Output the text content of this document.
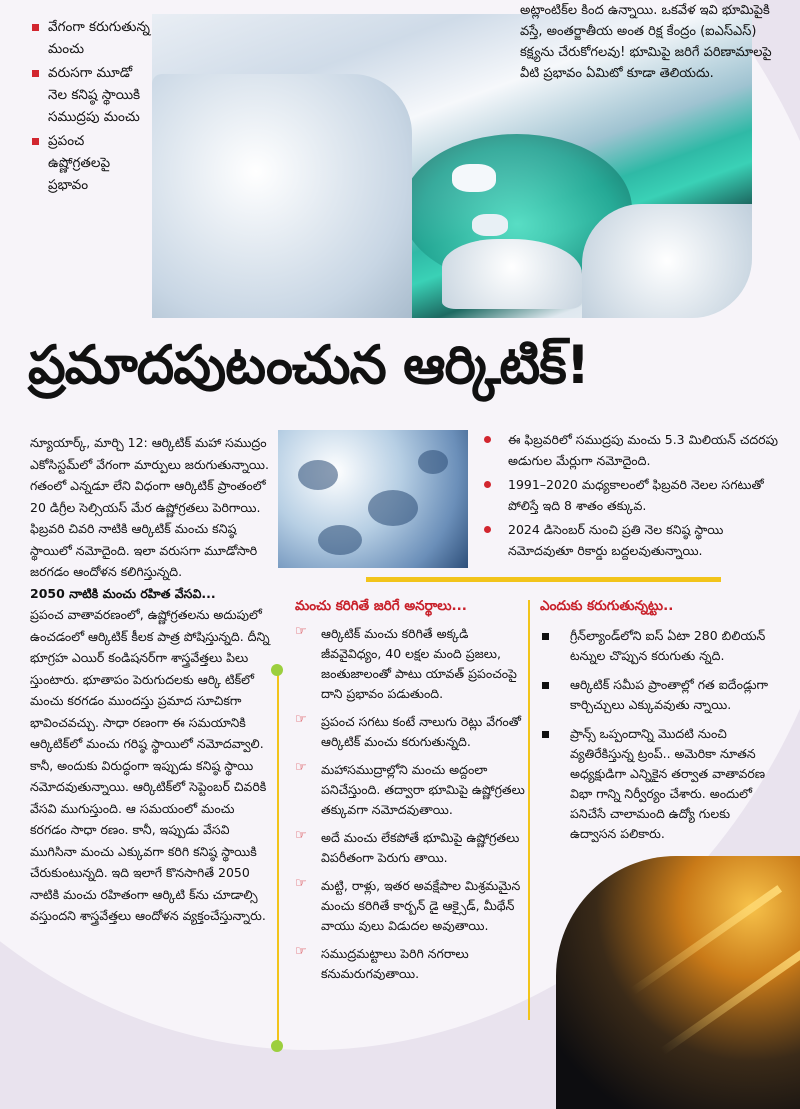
వేగంగా కరుగుతున్న మంచు
వరుసగా మూడో నెల కనిష్ఠ స్థాయికి సముద్రపు మంచు
ప్రపంచ ఉష్ణోగ్రతలపై ప్రభావం

అట్లాంటిక్‌ల కింద ఉన్నాయి. ఒకవేళ ఇవి భూమిపైకి వస్తే, అంతర్జాతీయ అంత రిక్ష కేంద్రం (ఐఎస్ఎస్) కక్ష్యను చేరుకోగలవు! భూమిపై జరిగే పరిణామాలపై వీటి ప్రభావం ఏమిటో కూడా తెలియదు.

ప్రమాదపుటంచున ఆర్కిటిక్!

న్యూయార్క్, మార్చి 12: ఆర్కిటిక్ మహా సముద్రం ఎకోసిస్టమ్‌లో వేగంగా మార్పులు జరుగుతున్నాయి. గతంలో ఎన్నడూ లేని విధంగా ఆర్కిటిక్ ప్రాంతంలో 20 డిగ్రీల సెల్సియస్ మేర ఉష్ణోగ్రతలు పెరిగాయి. ఫిబ్రవరి చివరి నాటికి ఆర్కిటిక్ మంచు కనిష్ఠ స్థాయిలో నమోదైంది. ఇలా వరుసగా మూడోసారి జరగడం ఆందోళన కలిగిస్తున్నది.

2050 నాటికి మంచు రహిత వేసవి...

ప్రపంచ వాతావరణంలో, ఉష్ణోగ్రతలను అదుపులో ఉంచడంలో ఆర్కిటిక్ కీలక పాత్ర పోషిస్తున్నది. దీన్ని భూగ్రహ ఎయిర్ కండిషనర్‌గా శాస్త్రవేత్తలు పిలు స్తుంటారు. భూతాపం పెరుగుదలకు ఆర్కి టిక్‌లో మంచు కరగడం ముందస్తు ప్రమాద సూచికగా భావించవచ్చు. సాధా రణంగా ఈ సమయానికి ఆర్కిటిక్‌లో మంచు గరిష్ఠ స్థాయిలో నమోదవ్వాలి. కానీ, అందుకు విరుద్ధంగా ఇప్పుడు కనిష్ఠ స్థాయి నమోదవుతున్నాయి. ఆర్కిటిక్‌లో సెప్టెంబర్ చివరికి వేసవి ముగుస్తుంది. ఆ సమయంలో మంచు కరగడం సాధా రణం. కానీ, ఇప్పుడు వేసవి ముగిసినా మంచు ఎక్కువగా కరిగి కనిష్ఠ స్థాయికి చేరుకుంటున్నది. ఇది ఇలాగే కొనసాగితే 2050 నాటికి మంచు రహితంగా ఆర్కిటి క్‌ను చూడాల్సి వస్తుందని శాస్త్రవేత్తలు ఆందోళన వ్యక్తంచేస్తున్నారు.

ఈ ఫిబ్రవరిలో సముద్రపు మంచు 5.3 మిలియన్ చదరపు అడుగుల మేర్లుగా నమోదైంది.
1991–2020 మధ్యకాలంలో ఫిబ్రవరి నెలల సగటుతో పోలిస్తే ఇది 8 శాతం తక్కువ.
2024 డిసెంబర్ నుంచి ప్రతి నెల కనిష్ఠ స్థాయి నమోదవుతూ రికార్డు బద్దలవుతున్నాయి.
మంచు కరిగితే జరిగే అనర్థాలు...
☞	ఆర్కిటిక్ మంచు కరిగితే అక్కడి జీవవైవిధ్యం, 40 లక్షల మంది ప్రజలు, జంతుజాలంతో పాటు యావత్ ప్రపంచంపై దాని ప్రభావం పడుతుంది.
☞	ప్రపంచ సగటు కంటే నాలుగు రెట్లు వేగంతో ఆర్కిటిక్ మంచు కరుగుతున్నది.
☞	మహాసముద్రాల్లోని మంచు అద్దంలా పనిచేస్తుంది. తద్వారా భూమిపై ఉష్ణోగ్రతలు తక్కువగా నమోదవుతాయి.
☞	అదే మంచు లేకపోతే భూమిపై ఉష్ణోగ్రతలు విపరీతంగా పెరుగు తాయి.
☞	మట్టి, రాళ్లు, ఇతర అవక్షేపాల మిశ్రమమైన మంచు కరిగితే కార్బన్ డై ఆక్సైడ్, మీథేన్ వాయు వులు విడుదల అవుతాయి.
☞	సముద్రమట్టాలు పెరిగి నగరాలు కనుమరుగవుతాయి.
ఎందుకు కరుగుతున్నట్టు..
గ్రీన్‌ల్యాండ్‌లోని ఐస్ ఏటా 280 బిలియన్ టన్నుల చొప్పున కరుగుతు న్నది.
ఆర్కిటిక్ సమీప ప్రాంతాల్లో గత ఐదేండ్లుగా కార్చిచ్చులు ఎక్కువవుతు న్నాయి.
ప్రాన్స్ ఒప్పందాన్ని మొదటి నుంచి వ్యతిరేకిస్తున్న ట్రంప్.. అమెరికా నూతన అధ్యక్షుడిగా ఎన్నికైన తర్వాత వాతావరణ విభా గాన్ని నిర్వీర్యం చేశారు. అందులో పనిచేసే చాలామంది ఉద్యో గులకు ఉద్వాసన పలికారు.
